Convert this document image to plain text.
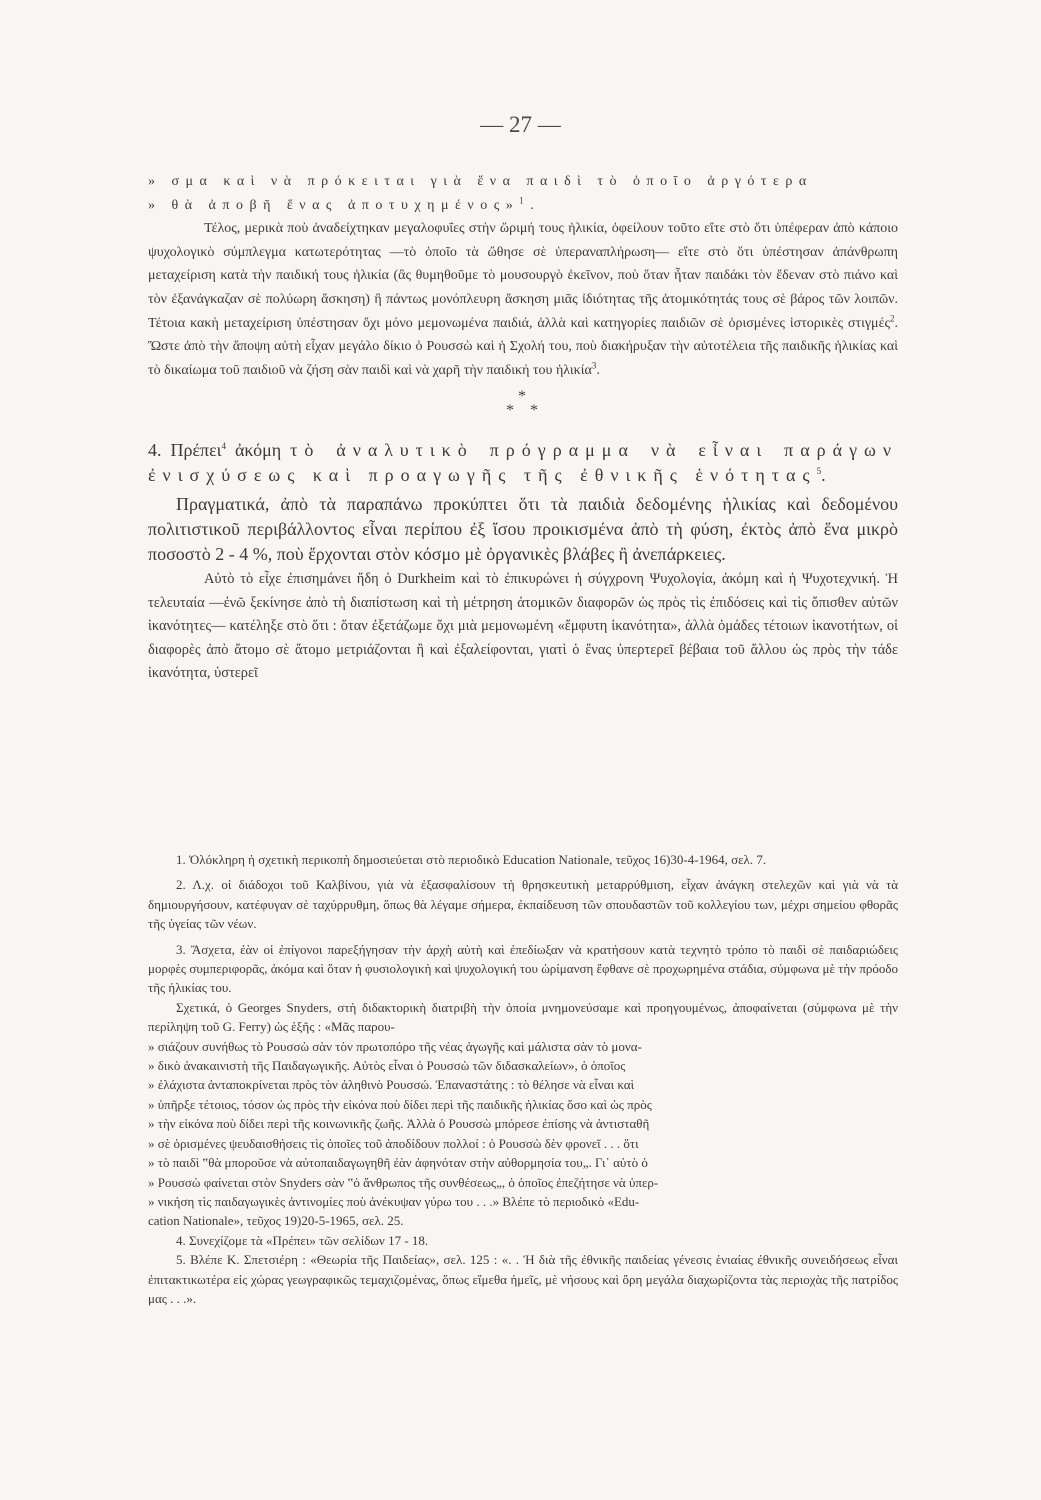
— 27 —

» σμα καὶ νὰ πρόκειται γιὰ ἕνα παιδὶ τὸ ὁποῖο ἀργότερα

» θὰ ἀποβῆ ἕνας ἀποτυχημένος»$^1$.

Τέλος, μερικὰ ποὺ ἀναδείχτηκαν μεγαλοφυΐες στὴν ὥριμή τους ἡλικία, ὀφείλουν τοῦτο εἴτε στὸ ὅτι ὑπέφεραν ἀπὸ κάποιο ψυχολογικὸ σύμπλεγμα κατωτερότητας —τὸ ὁποῖο τὰ ὤθησε σὲ ὑπεραναπλήρωση— εἴτε στὸ ὅτι ὑπέστησαν ἀπάνθρωπη μεταχείριση κατὰ τὴν παιδική τους ἡλικία (ἂς θυμηθοῦμε τὸ μουσουργὸ ἐκεῖνον, ποὺ ὅταν ἦταν παιδάκι τὸν ἔδεναν στὸ πιάνο καὶ τὸν ἐξανάγκαζαν σὲ πολύωρη ἄσκηση) ἢ πάντως μονόπλευρη ἄσκηση μιᾶς ἰδιότητας τῆς ἀτομικότητάς τους σὲ βάρος τῶν λοιπῶν. Τέτοια κακὴ μεταχείριση ὑπέστησαν ὄχι μόνο μεμονωμένα παιδιά, ἀλλὰ καὶ κατηγορίες παιδιῶν σὲ ὁρισμένες ἱστορικὲς στιγμές$^2$. Ὥστε ἀπὸ τὴν ἄποψη αὐτὴ εἶχαν μεγάλο δίκιο ὁ Ρουσσὼ καὶ ἡ Σχολή του, ποὺ διακήρυξαν τὴν αὐτοτέλεια τῆς παιδικῆς ἡλικίας καὶ τὸ δικαίωμα τοῦ παιδιοῦ νὰ ζήση σὰν παιδὶ καὶ νὰ χαρῆ τὴν παιδική του ἡλικία$^3$.

*
* *

4. Πρέπει$^4$ ἀκόμη τὸ ἀναλυτικὸ πρόγραμμα νὰ εἶναι παράγων ἐνισχύσεως καὶ προαγωγῆς τῆς ἐθνικῆς ἑνότητας$^5$.

Πραγματικά, ἀπὸ τὰ παραπάνω προκύπτει ὅτι τὰ παιδιὰ δεδομένης ἡλικίας καὶ δεδομένου πολιτιστικοῦ περιβάλλοντος εἶναι περίπου ἐξ ἴσου προικισμένα ἀπὸ τὴ φύση, ἐκτὸς ἀπὸ ἕνα μικρὸ ποσοστὸ 2 - 4 %, ποὺ ἔρχονται στὸν κόσμο μὲ ὀργανικὲς βλάβες ἢ ἀνεπάρκειες.

Αὐτὸ τὸ εἶχε ἐπισημάνει ἤδη ὁ Durkheim καὶ τὸ ἐπικυρώνει ἡ σύγχρονη Ψυχολογία, ἀκόμη καὶ ἡ Ψυχοτεχνική. Ἡ τελευταία —ἐνῶ ξεκίνησε ἀπὸ τὴ διαπίστωση καὶ τὴ μέτρηση ἀτομικῶν διαφορῶν ὡς πρὸς τὶς ἐπιδόσεις καὶ τὶς ὄπισθεν αὐτῶν ἱκανότητες— κατέληξε στὸ ὅτι : ὅταν ἐξετάζωμε ὄχι μιὰ μεμονωμένη «ἔμφυτη ἱκανότητα», ἀλλὰ ὁμάδες τέτοιων ἱκανοτήτων, οἱ διαφορὲς ἀπὸ ἄτομο σὲ ἄτομο μετριάζονται ἢ καὶ ἐξαλείφονται, γιατὶ ὁ ἕνας ὑπερτερεῖ βέβαια τοῦ ἄλλου ὡς πρὸς τὴν τάδε ἱκανότητα, ὑστερεῖ

1. Ὁλόκληρη ἡ σχετικὴ περικοπὴ δημοσιεύεται στὸ περιοδικὸ Education Nationale, τεῦχος 16)30-4-1964, σελ. 7.

2. Λ.χ. οἱ διάδοχοι τοῦ Καλβίνου, γιὰ νὰ ἐξασφαλίσουν τὴ θρησκευτικὴ μεταρρύθμιση, εἶχαν ἀνάγκη στελεχῶν καὶ γιὰ νὰ τὰ δημιουργήσουν, κατέφυγαν σὲ ταχύρρυθμη, ὅπως θὰ λέγαμε σήμερα, ἐκπαίδευση τῶν σπουδαστῶν τοῦ κολλεγίου των, μέχρι σημείου φθορᾶς τῆς ὑγείας τῶν νέων.

3. Ἄσχετα, ἐὰν οἱ ἐπίγονοι παρεξήγησαν τὴν ἀρχὴ αὐτὴ καὶ ἐπεδίωξαν νὰ κρατήσουν κατὰ τεχνητὸ τρόπο τὸ παιδὶ σὲ παιδαριώδεις μορφὲς συμπεριφορᾶς, ἀκόμα καὶ ὅταν ἡ φυσιολογικὴ καὶ ψυχολογική του ὡρίμανση ἔφθανε σὲ προχωρημένα στάδια, σύμφωνα μὲ τὴν πρόοδο τῆς ἡλικίας του.

Σχετικά, ὁ Georges Snyders, στὴ διδακτορικὴ διατριβὴ τὴν ὁποία μνημονεύσαμε καὶ προηγουμένως, ἀποφαίνεται (σύμφωνα μὲ τὴν περίληψη τοῦ G. Ferry) ὡς ἑξῆς : «Μᾶς παρου-

» σιάζουν συνήθως τὸ Ρουσσὼ σὰν τὸν πρωτοπόρο τῆς νέας ἀγωγῆς καὶ μάλιστα σὰν τὸ μονα-

» δικὸ ἀνακαινιστὴ τῆς Παιδαγωγικῆς. Αὐτὸς εἶναι ὁ Ρουσσὼ τῶν διδασκαλείων», ὁ ὁποῖος

» ἐλάχιστα ἀνταποκρίνεται πρὸς τὸν ἀληθινὸ Ρουσσώ. Ἐπαναστάτης : τὸ θέλησε νὰ εἶναι καὶ

» ὑπῆρξε τέτοιος, τόσον ὡς πρὸς τὴν εἰκόνα ποὺ δίδει περὶ τῆς παιδικῆς ἡλικίας ὅσο καὶ ὡς πρὸς

» τὴν εἰκόνα ποὺ δίδει περὶ τῆς κοινωνικῆς ζωῆς. Ἀλλὰ ὁ Ρουσσὼ μπόρεσε ἐπίσης νὰ ἀντισταθῆ

» σὲ ὁρισμένες ψευδαισθήσεις τὶς ὁποῖες τοῦ ἀποδίδουν πολλοί : ὁ Ρουσσὼ δὲν φρονεῖ . . . ὅτι

» τὸ παιδὶ ‟θὰ μποροῦσε νὰ αὐτοπαιδαγωγηθῆ ἐὰν ἀφηνόταν στὴν αὐθορμησία του„. Γι᾿ αὐτὸ ὁ

» Ρουσσὼ φαίνεται στὸν Snyders σὰν ‟ὁ ἄνθρωπος τῆς συνθέσεως„, ὁ ὁποῖος ἐπεζήτησε νὰ ὑπερ-

» νικήση τὶς παιδαγωγικὲς ἀντινομίες ποὺ ἀνέκυψαν γύρω του . . .» Βλέπε τὸ περιοδικὸ «Edu-

cation Nationale», τεῦχος 19)20-5-1965, σελ. 25.

4. Συνεχίζομε τὰ «Πρέπει» τῶν σελίδων 17 - 18.

5. Βλέπε Κ. Σπετσιέρη : «Θεωρία τῆς Παιδείας», σελ. 125 : «. . Ἡ διὰ τῆς ἐθνικῆς παιδείας γένεσις ἑνιαίας ἐθνικῆς συνειδήσεως εἶναι ἐπιτακτικωτέρα εἰς χώρας γεωγραφικῶς τεμαχιζομένας, ὅπως εἴμεθα ἡμεῖς, μὲ νήσους καὶ ὄρη μεγάλα διαχωρίζοντα τὰς περιοχὰς τῆς πατρίδος μας . . .».
